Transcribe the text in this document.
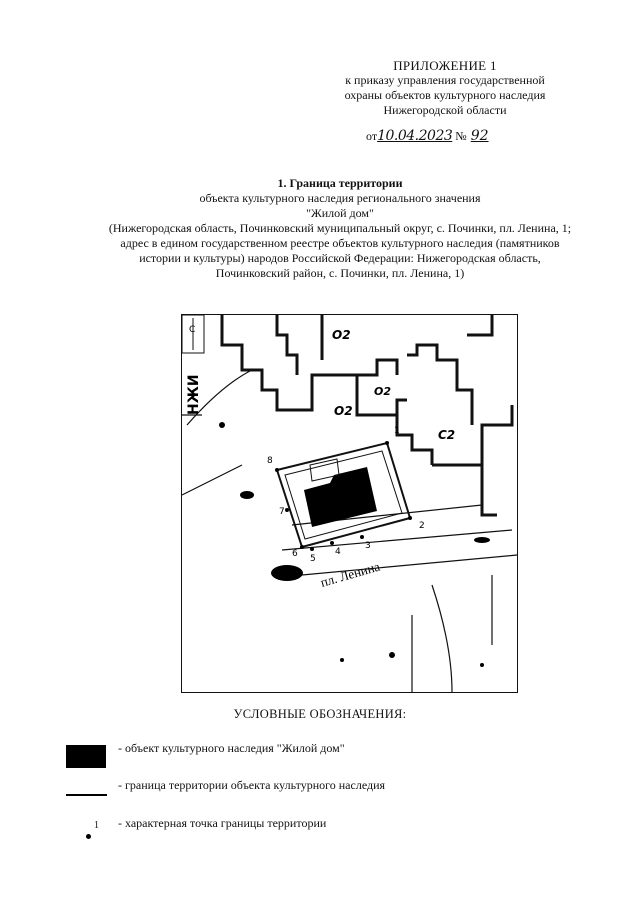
ПРИЛОЖЕНИЕ 1
к приказу управления государственной
охраны объектов культурного наследия
Нижегородской области
от10.04.2023 № 92
1. Граница территории
объекта культурного наследия регионального значения
"Жилой дом"
(Нижегородская область, Починковский муниципальный округ, с. Починки, пл. Ленина, 1;
адрес в едином государственном реестре объектов культурного наследия (памятников
истории и культуры) народов Российской Федерации: Нижегородская область,
Починковский район, с. Починки, пл. Ленина, 1)
С	О2
О2
О2
С2
НЖИ
1
2
3
4
5
6
7
8
пл. Ленина
УСЛОВНЫЕ ОБОЗНАЧЕНИЯ:
- объект культурного наследия "Жилой дом"
- граница территории объекта культурного наследия
1 - характерная точка границы территории
